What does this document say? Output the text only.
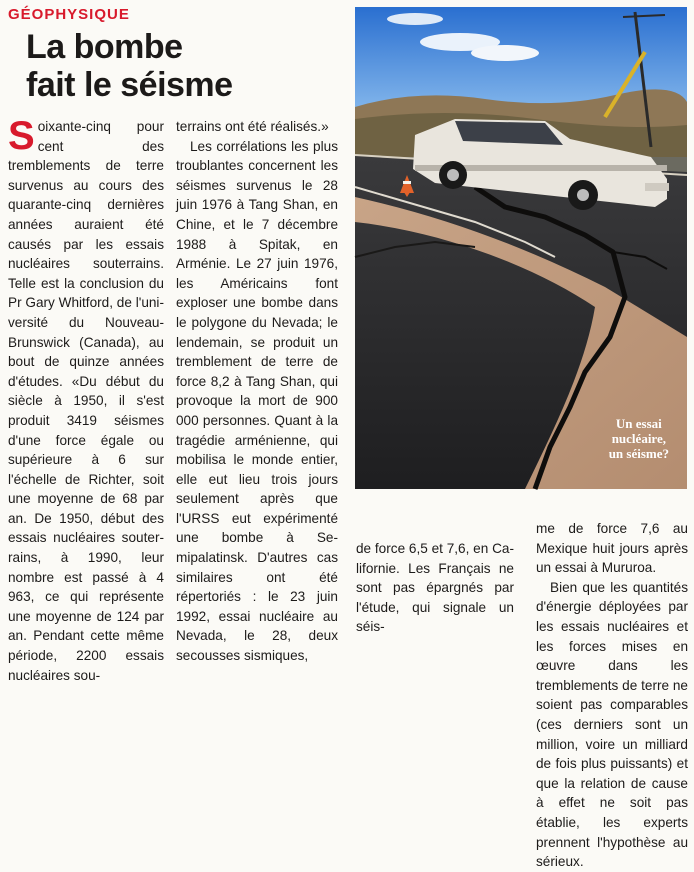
GÉOPHYSIQUE
La bombe
fait le séisme

Soixante-cinq pour cent des tremblements de terre survenus au cours des quarante-cinq dernières années auraient été causés par les essais nucléaires souterrains. Telle est la conclusion du Pr Gary Whitford, de l'université du Nouveau-Brunswick (Canada), au bout de quinze années d'études. «Du début du siècle à 1950, il s'est produit 3419 séismes d'une force égale ou supérieure à 6 sur l'échelle de Richter, soit une moyenne de 68 par an. De 1950, début des essais nucléaires souterrains, à 1990, leur nombre est passé à 4 963, ce qui représente une moyenne de 124 par an. Pendant cette même période, 2200 essais nucléaires sou-

terrains ont été réalisés.»

Les corrélations les plus troublantes concernent les séismes survenus le 28 juin 1976 à Tang Shan, en Chine, et le 7 décembre 1988 à Spitak, en Arménie. Le 27 juin 1976, les Américains font exploser une bombe dans le polygone du Nevada; le lendemain, se produit un tremblement de terre de force 8,2 à Tang Shan, qui provoque la mort de 900 000 personnes. Quant à la tragédie arménienne, qui mobilisa le monde entier, elle eut lieu trois jours seulement après que l'URSS eut expérimenté une bombe à Semipalatinsk. D'autres cas similaires ont été répertoriés : le 23 juin 1992, essai nucléaire au Nevada, le 28, deux secousses sismiques,

Un essai
nucléaire,
un séisme?

de force 6,5 et 7,6, en Californie. Les Français ne sont pas épargnés par l'étude, qui signale un séis-

me de force 7,6 au Mexique huit jours après un essai à Mururoa.

Bien que les quantités d'énergie déployées par les essais nucléaires et les forces mises en œuvre dans les tremblements de terre ne soient pas comparables (ces derniers sont un million, voire un milliard de fois plus puissants) et que la relation de cause à effet ne soit pas établie, les experts prennent l'hypothèse au sérieux.
